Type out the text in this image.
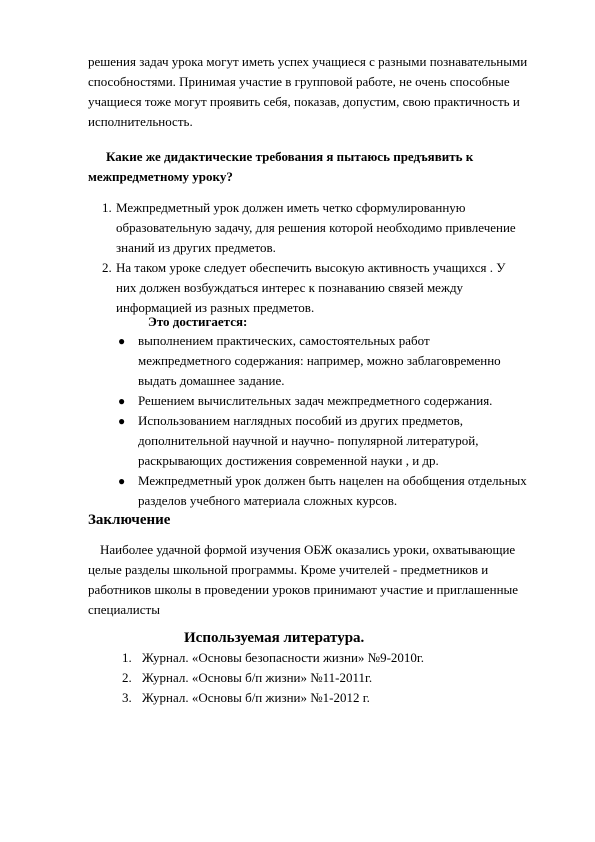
решения задач урока могут иметь успех учащиеся с разными познавательными
способностями. Принимая участие в групповой работе, не очень способные
учащиеся тоже могут проявить себя, показав, допустим, свою практичность и
исполнительность.
Какие же дидактические требования я пытаюсь предъявить к
межпредметному уроку?
1. Межпредметный урок должен иметь четко сформулированную
образовательную задачу, для решения которой необходимо привлечение
знаний из других предметов.
2. На таком уроке следует обеспечить высокую активность учащихся . У
них должен возбуждаться интерес к познаванию связей между
информацией из разных предметов.
Это достигается:
● выполнением практических, самостоятельных работ
межпредметного содержания: например, можно заблаговременно
выдать домашнее задание.
● Решением вычислительных задач межпредметного содержания.
● Использованием наглядных пособий из других предметов,
дополнительной научной и научно- популярной литературой,
раскрывающих достижения современной науки , и др.
● Межпредметный урок должен быть нацелен на обобщения отдельных
разделов учебного материала сложных курсов.
Заключение
Наиболее удачной формой изучения ОБЖ оказались уроки, охватывающие
целые разделы школьной программы. Кроме учителей - предметников и
работников школы в проведении уроков принимают участие и приглашенные
специалисты
Используемая литература.
1. Журнал. «Основы безопасности жизни» №9-2010г.
2. Журнал. «Основы б/п жизни» №11-2011г.
3. Журнал. «Основы б/п жизни» №1-2012 г.
